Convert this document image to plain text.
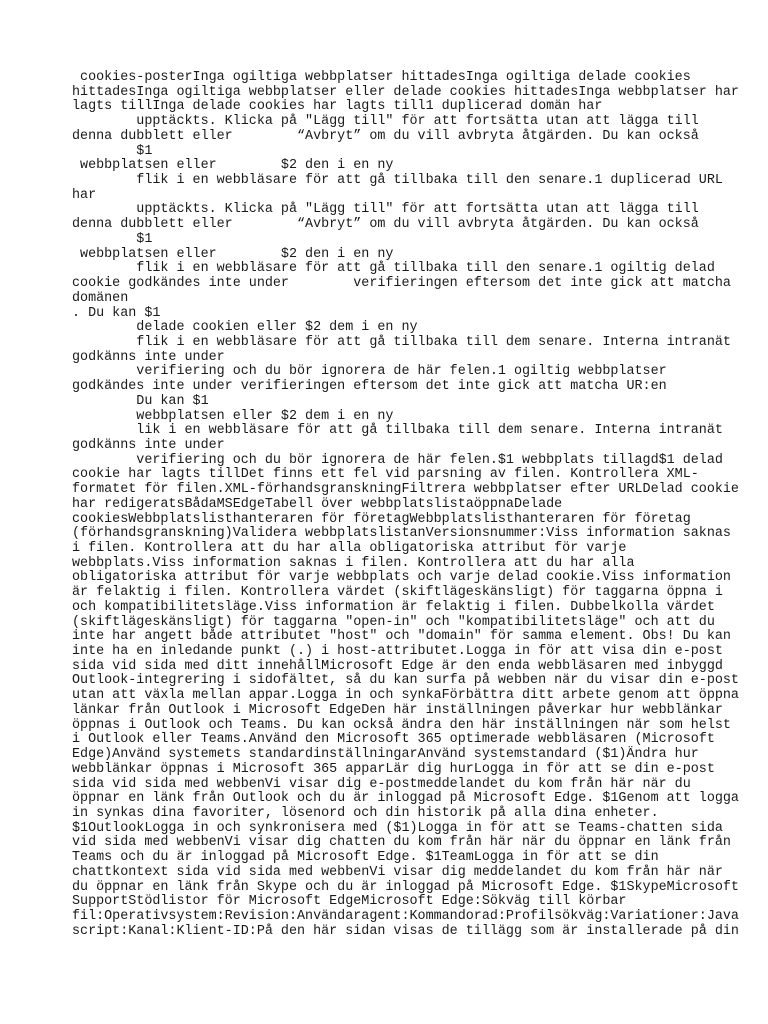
cookies-posterInga ogiltiga webbplatser hittadesInga ogiltiga delade cookies
hittadesInga ogiltiga webbplatser eller delade cookies hittadesInga webbplatser har
lagts tillInga delade cookies har lagts till1 duplicerad domän har
upptäckts. Klicka på "Lägg till" för att fortsätta utan att lägga till
denna dubblett eller        “Avbryt” om du vill avbryta åtgärden. Du kan också
$1
webbplatsen eller        $2 den i en ny
flik i en webbläsare för att gå tillbaka till den senare.1 duplicerad URL
har
upptäckts. Klicka på "Lägg till" för att fortsätta utan att lägga till
denna dubblett eller        “Avbryt” om du vill avbryta åtgärden. Du kan också
$1
webbplatsen eller        $2 den i en ny
flik i en webbläsare för att gå tillbaka till den senare.1 ogiltig delad
cookie godkändes inte under        verifieringen eftersom det inte gick att matcha
domänen
. Du kan $1
delade cookien eller $2 dem i en ny
flik i en webbläsare för att gå tillbaka till dem senare. Interna intranät
godkänns inte under
verifiering och du bör ignorera de här felen.1 ogiltig webbplatser
godkändes inte under verifieringen eftersom det inte gick att matcha UR:en
Du kan $1
webbplatsen eller $2 dem i en ny
lik i en webbläsare för att gå tillbaka till dem senare. Interna intranät
godkänns inte under
verifiering och du bör ignorera de här felen.$1 webbplats tillagd$1 delad
cookie har lagts tillDet finns ett fel vid parsning av filen. Kontrollera XML-
formatet för filen.XML-förhandsgranskningFiltrera webbplatser efter URLDelad cookie
har redigeratsBådaMSEdgeTabell över webbplatslistaöppnaDelade
cookiesWebbplatslisthanteraren för företagWebbplatslisthanteraren för företag
(förhandsgranskning)Validera webbplatslistanVersionsnummer:Viss information saknas
i filen. Kontrollera att du har alla obligatoriska attribut för varje
webbplats.Viss information saknas i filen. Kontrollera att du har alla
obligatoriska attribut för varje webbplats och varje delad cookie.Viss information
är felaktig i filen. Kontrollera värdet (skiftlägeskänsligt) för taggarna öppna i
och kompatibilitetsläge.Viss information är felaktig i filen. Dubbelkolla värdet
(skiftlägeskänsligt) för taggarna "open-in" och "kompatibilitetsläge" och att du
inte har angett både attributet "host" och "domain" för samma element. Obs! Du kan
inte ha en inledande punkt (.) i host-attributet.Logga in för att visa din e-post
sida vid sida med ditt innehållMicrosoft Edge är den enda webbläsaren med inbyggd
Outlook-integrering i sidofältet, så du kan surfa på webben när du visar din e-post
utan att växla mellan appar.Logga in och synkaFörbättra ditt arbete genom att öppna
länkar från Outlook i Microsoft EdgeDen här inställningen påverkar hur webblänkar
öppnas i Outlook och Teams. Du kan också ändra den här inställningen när som helst
i Outlook eller Teams.Använd den Microsoft 365 optimerade webbläsaren (Microsoft
Edge)Använd systemets standardinställningarAnvänd systemstandard ($1)Ändra hur
webblänkar öppnas i Microsoft 365 apparLär dig hurLogga in för att se din e-post
sida vid sida med webbenVi visar dig e-postmeddelandet du kom från här när du
öppnar en länk från Outlook och du är inloggad på Microsoft Edge. $1Genom att logga
in synkas dina favoriter, lösenord och din historik på alla dina enheter.
$1OutlookLogga in och synkronisera med ($1)Logga in för att se Teams-chatten sida
vid sida med webbenVi visar dig chatten du kom från här när du öppnar en länk från
Teams och du är inloggad på Microsoft Edge. $1TeamLogga in för att se din
chattkontext sida vid sida med webbenVi visar dig meddelandet du kom från här när
du öppnar en länk från Skype och du är inloggad på Microsoft Edge. $1SkypeMicrosoft
SupportStödlistor för Microsoft EdgeMicrosoft Edge:Sökväg till körbar
fil:Operativsystem:Revision:Användaragent:Kommandorad:Profilsökväg:Variationer:Java
script:Kanal:Klient-ID:På den här sidan visas de tillägg som är installerade på din
